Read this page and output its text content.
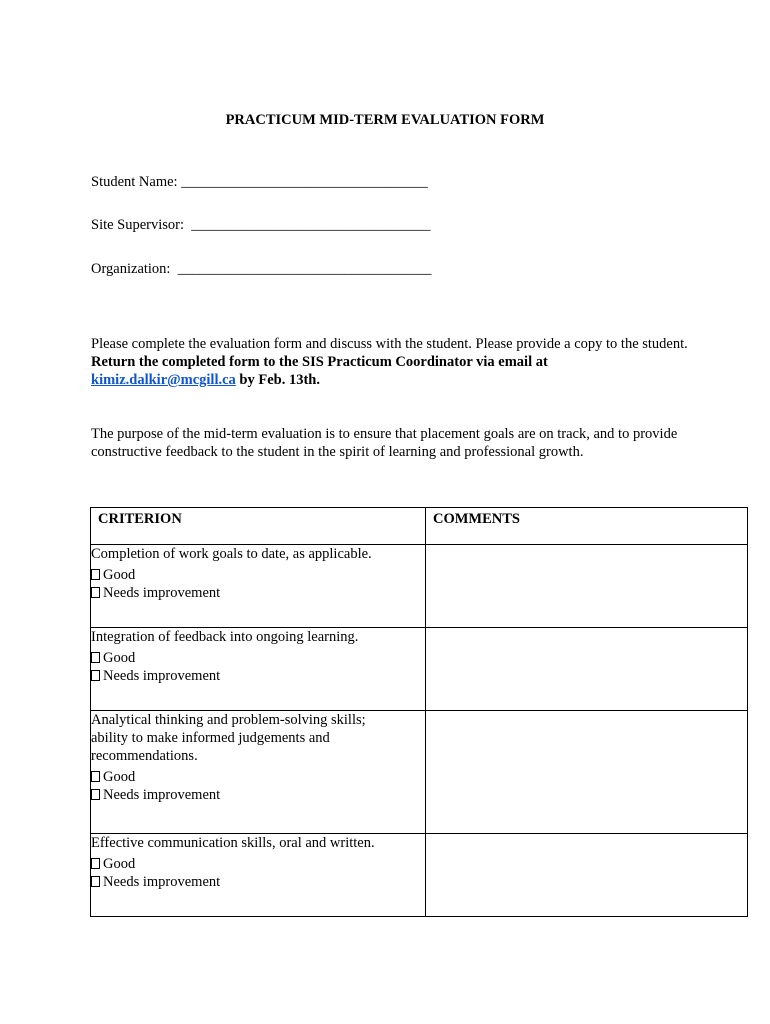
PRACTICUM MID-TERM EVALUATION FORM
Student Name: __________________________________
Site Supervisor: _________________________________
Organization: ___________________________________
Please complete the evaluation form and discuss with the student. Please provide a copy to the student. Return the completed form to the SIS Practicum Coordinator via email at kimiz.dalkir@mcgill.ca by Feb. 13th.
The purpose of the mid-term evaluation is to ensure that placement goals are on track, and to provide constructive feedback to the student in the spirit of learning and professional growth.
CRITERION	COMMENTS

Completion of work goals to date, as applicable.
Good
Needs improvement	

Integration of feedback into ongoing learning.
Good
Needs improvement	

Analytical thinking and problem-solving skills; ability to make informed judgements and recommendations.
Good
Needs improvement	

Effective communication skills, oral and written.
Good
Needs improvement	
